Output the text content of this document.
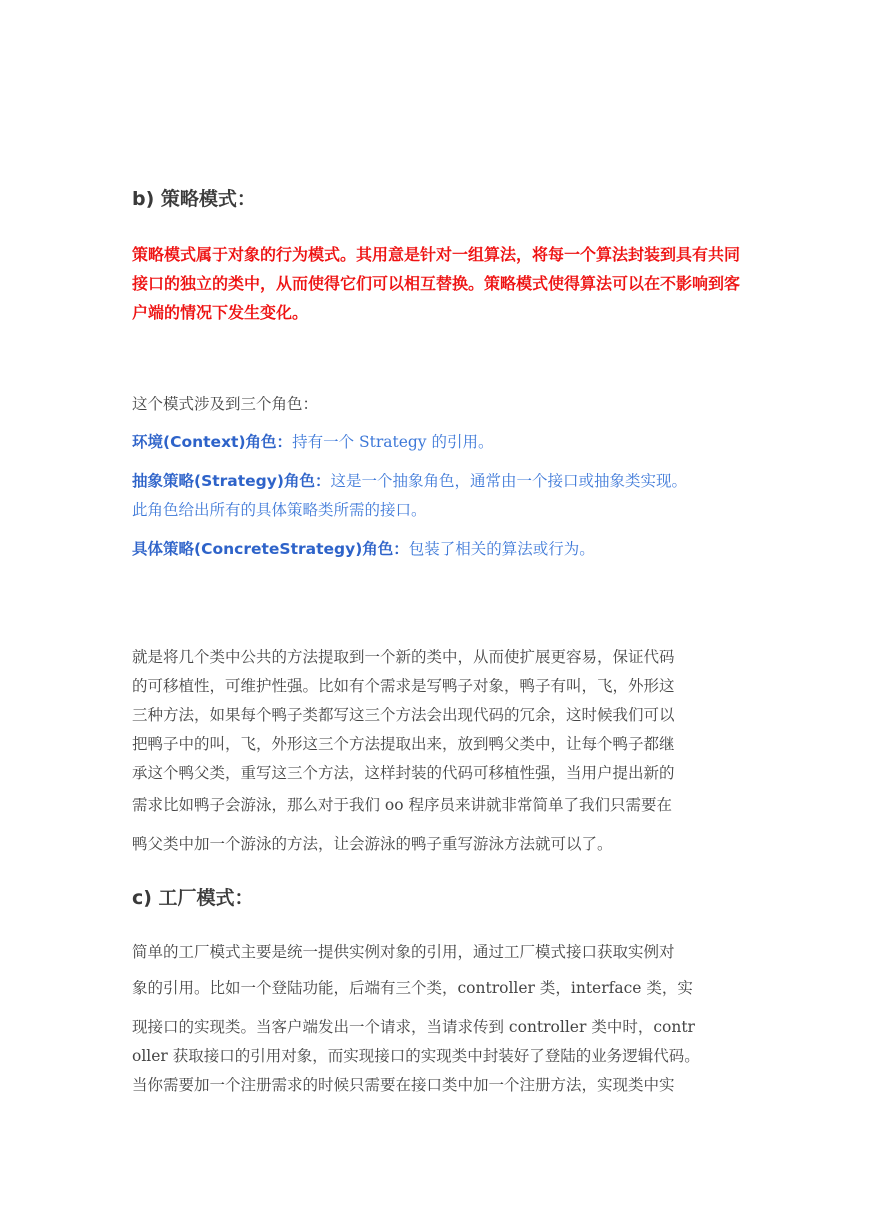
b) 策略模式：
策略模式属于对象的行为模式。其用意是针对一组算法，将每一个算法封装到具有共同接口的独立的类中，从而使得它们可以相互替换。策略模式使得算法可以在不影响到客户端的情况下发生变化。
这个模式涉及到三个角色：
环境(Context)角色：持有一个 Strategy 的引用。
抽象策略(Strategy)角色：这是一个抽象角色，通常由一个接口或抽象类实现。
此角色给出所有的具体策略类所需的接口。
具体策略(ConcreteStrategy)角色：包装了相关的算法或行为。
就是将几个类中公共的方法提取到一个新的类中，从而使扩展更容易，保证代码
的可移植性，可维护性强。比如有个需求是写鸭子对象，鸭子有叫，飞，外形这
三种方法，如果每个鸭子类都写这三个方法会出现代码的冗余，这时候我们可以
把鸭子中的叫，飞，外形这三个方法提取出来，放到鸭父类中，让每个鸭子都继
承这个鸭父类，重写这三个方法，这样封装的代码可移植性强，当用户提出新的
需求比如鸭子会游泳，那么对于我们 oo 程序员来讲就非常简单了我们只需要在
鸭父类中加一个游泳的方法，让会游泳的鸭子重写游泳方法就可以了。
c) 工厂模式：
简单的工厂模式主要是统一提供实例对象的引用，通过工厂模式接口获取实例对
象的引用。比如一个登陆功能，后端有三个类，controller 类，interface 类，实
现接口的实现类。当客户端发出一个请求，当请求传到 controller 类中时，contr
oller 获取接口的引用对象，而实现接口的实现类中封装好了登陆的业务逻辑代码。
当你需要加一个注册需求的时候只需要在接口类中加一个注册方法，实现类中实
